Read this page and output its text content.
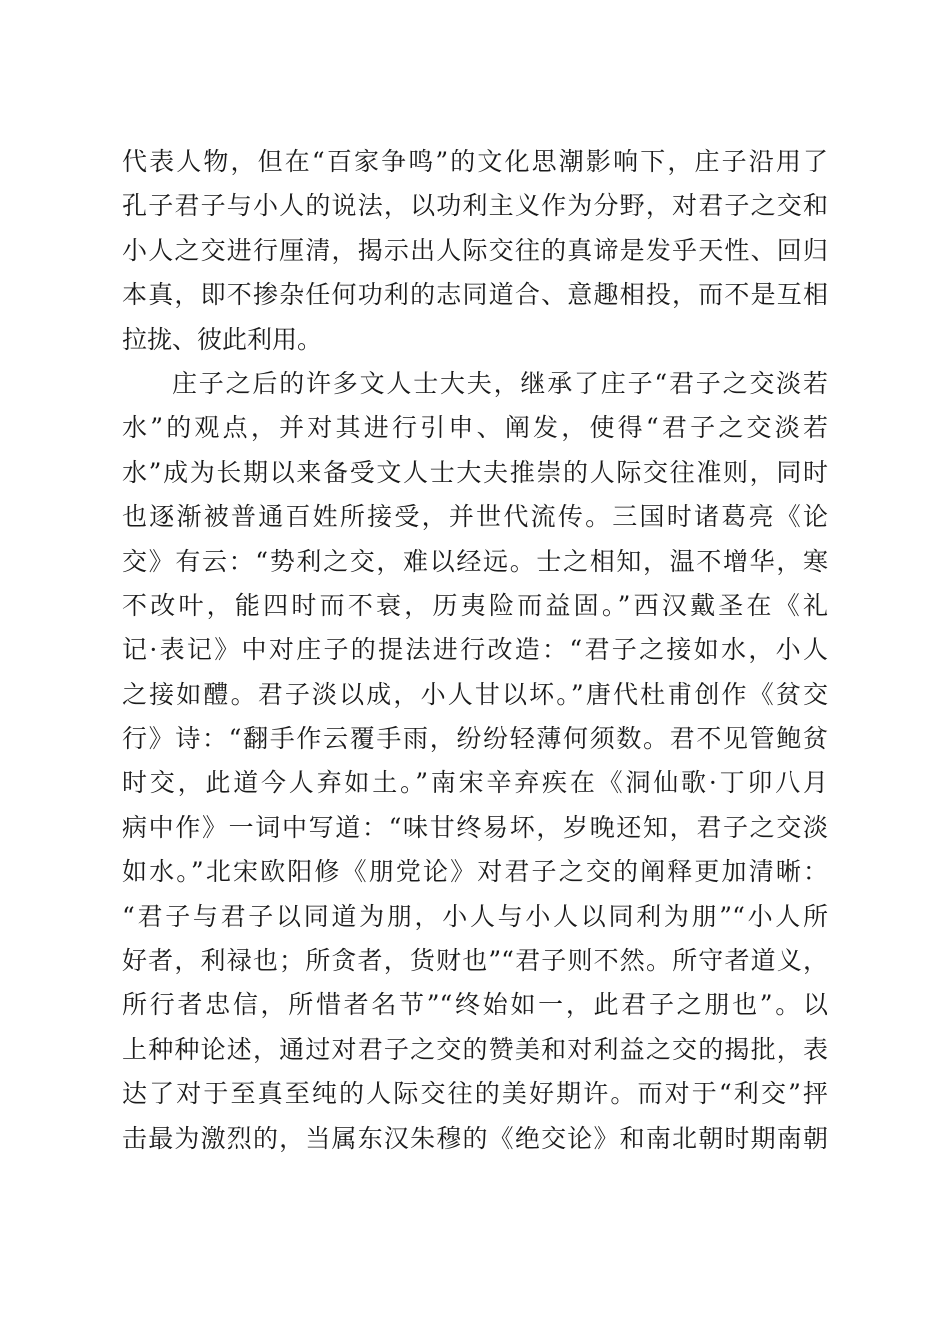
代表人物，但在“百家争鸣”的文化思潮影响下，庄子沿用了
孔子君子与小人的说法，以功利主义作为分野，对君子之交和
小人之交进行厘清，揭示出人际交往的真谛是发乎天性、回归
本真，即不掺杂任何功利的志同道合、意趣相投，而不是互相
拉拢、彼此利用。
庄子之后的许多文人士大夫，继承了庄子“君子之交淡若
水”的观点，并对其进行引申、阐发，使得“君子之交淡若
水”成为长期以来备受文人士大夫推崇的人际交往准则，同时
也逐渐被普通百姓所接受，并世代流传。三国时诸葛亮《论
交》有云：“势利之交，难以经远。士之相知，温不增华，寒
不改叶，能四时而不衰，历夷险而益固。”西汉戴圣在《礼
记·表记》中对庄子的提法进行改造：“君子之接如水，小人
之接如醴。君子淡以成，小人甘以坏。”唐代杜甫创作《贫交
行》诗：“翻手作云覆手雨，纷纷轻薄何须数。君不见管鲍贫
时交，此道今人弃如土。”南宋辛弃疾在《洞仙歌·丁卯八月
病中作》一词中写道：“味甘终易坏，岁晚还知，君子之交淡
如水。”北宋欧阳修《朋党论》对君子之交的阐释更加清晰：
“君子与君子以同道为朋，小人与小人以同利为朋”“小人所
好者，利禄也；所贪者，货财也”“君子则不然。所守者道义，
所行者忠信，所惜者名节”“终始如一，此君子之朋也”。以
上种种论述，通过对君子之交的赞美和对利益之交的揭批，表
达了对于至真至纯的人际交往的美好期许。而对于“利交”抨
击最为激烈的，当属东汉朱穆的《绝交论》和南北朝时期南朝
